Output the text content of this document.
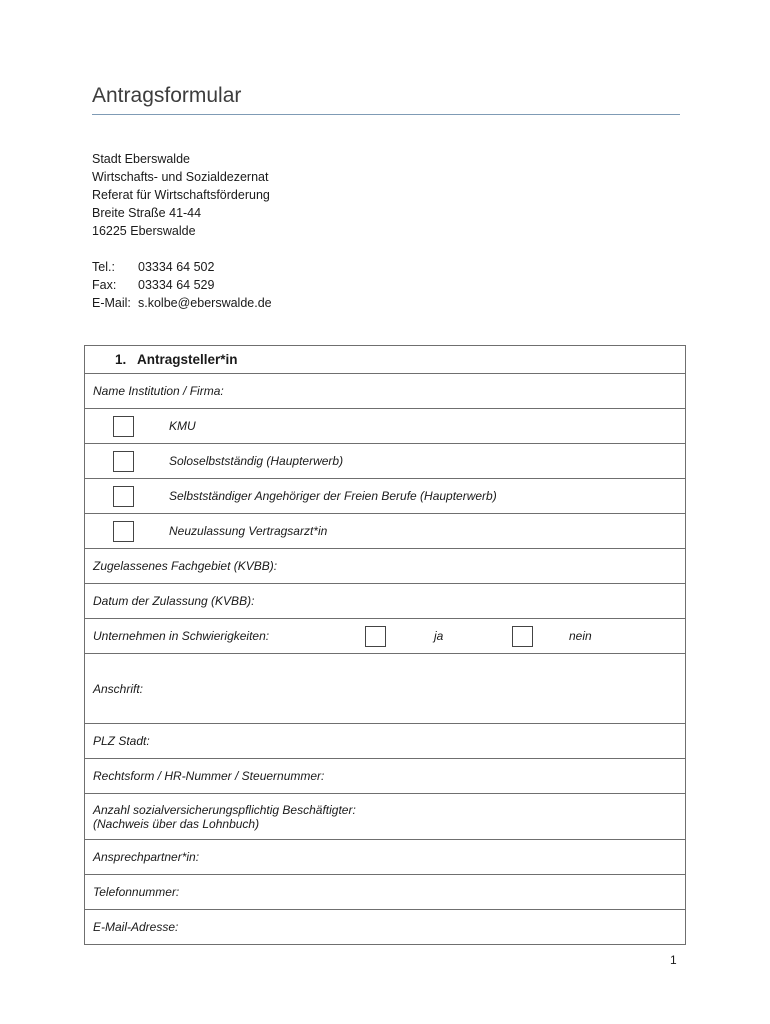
Antragsformular
Stadt Eberswalde
Wirtschafts- und Sozialdezernat
Referat für Wirtschaftsförderung
Breite Straße 41-44
16225 Eberswalde
Tel.:	03334 64 502
Fax:	03334 64 529
E-Mail: s.kolbe@eberswalde.de
1. Antragsteller*in
Name Institution / Firma:

KMU

Soloselbstständig (Haupterwerb)

Selbstständiger Angehöriger der Freien Berufe (Haupterwerb)

Neuzulassung Vertragsarzt*in

Zugelassenes Fachgebiet (KVBB):
Datum der Zulassung (KVBB):

Unternehmen in Schwierigkeiten:	ja	nein

Anschrift:
PLZ Stadt:
Rechtsform / HR-Nummer / Steuernummer:

Anzahl sozialversicherungspflichtig Beschäftigter:
(Nachweis über das Lohnbuch)

Ansprechpartner*in:
Telefonnummer:
E-Mail-Adresse:
1
